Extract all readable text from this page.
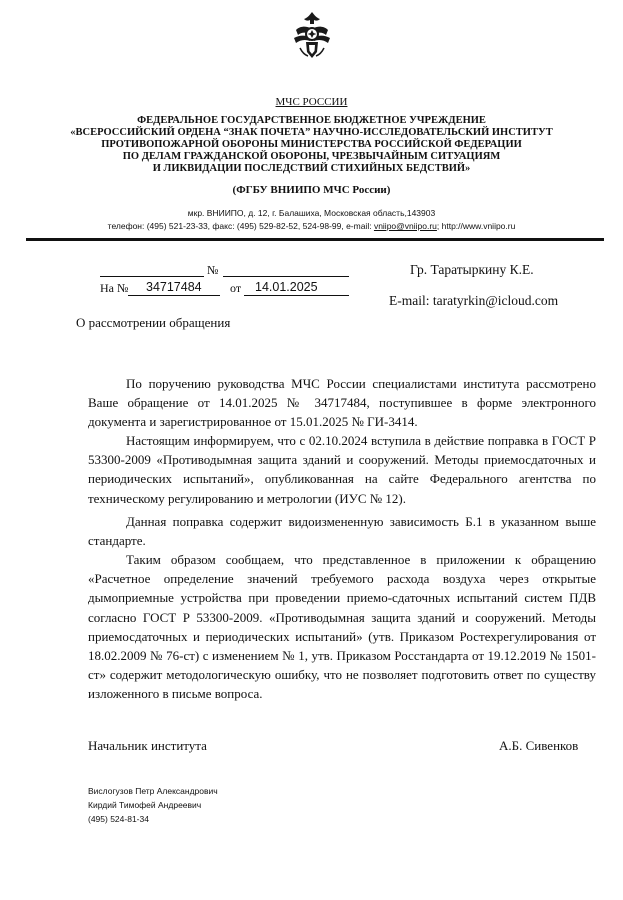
МЧС РОССИИ
ФЕДЕРАЛЬНОЕ ГОСУДАРСТВЕННОЕ БЮДЖЕТНОЕ УЧРЕЖДЕНИЕ
«ВСЕРОССИЙСКИЙ ОРДЕНА “ЗНАК ПОЧЕТА” НАУЧНО-ИССЛЕДОВАТЕЛЬСКИЙ ИНСТИТУТ
ПРОТИВОПОЖАРНОЙ ОБОРОНЫ МИНИСТЕРСТВА РОССИЙСКОЙ ФЕДЕРАЦИИ
ПО ДЕЛАМ ГРАЖДАНСКОЙ ОБОРОНЫ, ЧРЕЗВЫЧАЙНЫМ СИТУАЦИЯМ
И ЛИКВИДАЦИИ ПОСЛЕДСТВИЙ СТИХИЙНЫХ БЕДСТВИЙ»
(ФГБУ ВНИИПО МЧС России)
мкр. ВНИИПО, д. 12, г. Балашиха, Московская область,143903
телефон: (495) 521-23-33, факс: (495) 529-82-52, 524-98-99, e-mail: vniipo@vniipo.ru; http://www.vniipo.ru
№
На № 34717484 от 14.01.2025
Гр. Таратыркину К.Е.
E-mail: taratyrkin@icloud.com
О рассмотрении обращения
По поручению руководства МЧС России специалистами института рассмотрено Ваше обращение от 14.01.2025 № 34717484, поступившее в форме электронного документа и зарегистрированное от 15.01.2025 № ГИ-3414.
Настоящим информируем, что с 02.10.2024 вступила в действие поправка в ГОСТ Р 53300-2009 «Противодымная защита зданий и сооружений. Методы приемосдаточных и периодических испытаний», опубликованная на сайте Федерального агентства по техническому регулированию и метрологии (ИУС № 12).
Данная поправка содержит видоизмененную зависимость Б.1 в указанном выше стандарте.
Таким образом сообщаем, что представленное в приложении к обращению «Расчетное определение значений требуемого расхода воздуха через открытые дымоприемные устройства при проведении приемо-сдаточных испытаний систем ПДВ согласно ГОСТ Р 53300-2009. «Противодымная защита зданий и сооружений. Методы приемосдаточных и периодических испытаний» (утв. Приказом Ростехрегулирования от 18.02.2009 № 76-ст) с изменением № 1, утв. Приказом Росстандарта от 19.12.2019 № 1501-ст» содержит методологическую ошибку, что не позволяет подготовить ответ по существу изложенного в письме вопроса.
Начальник института	А.Б. Сивенков
Вислогузов Петр Александрович
Кирдий Тимофей Андреевич
(495) 524-81-34
